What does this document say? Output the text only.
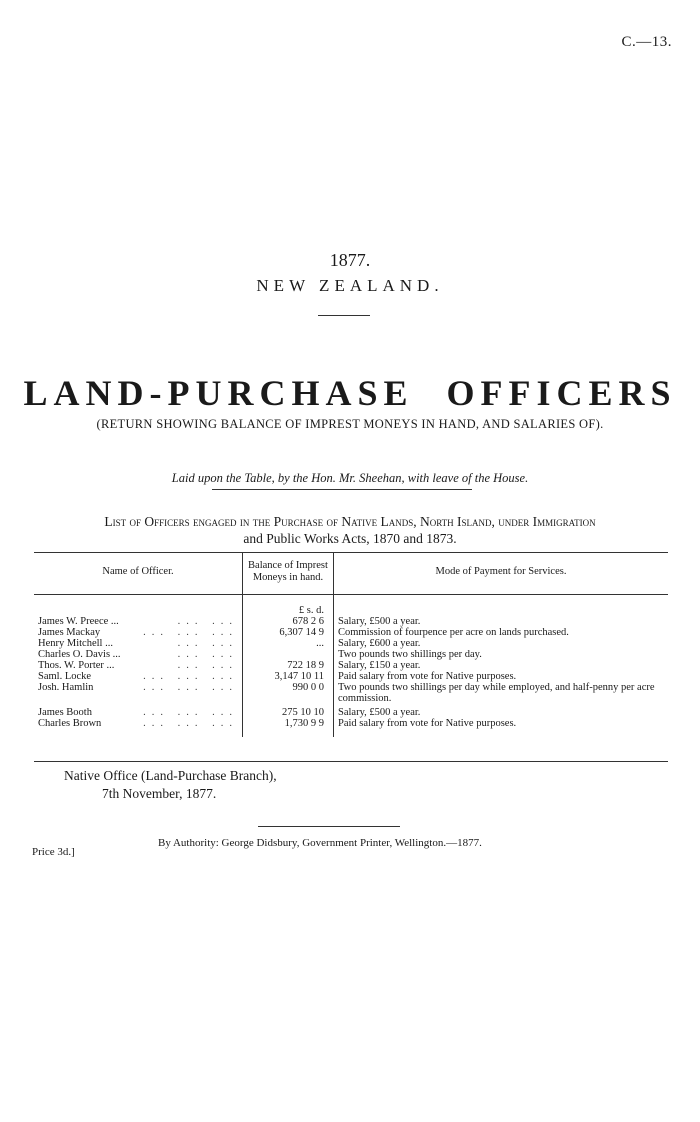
C.—13.
1877.
NEW ZEALAND.
LAND-PURCHASE OFFICERS
(RETURN SHOWING BALANCE OF IMPREST MONEYS IN HAND, AND SALARIES OF).
Laid upon the Table, by the Hon. Mr. Sheehan, with leave of the House.
List of Officers engaged in the Purchase of Native Lands, North Island, under Immigration
and Public Works Acts, 1870 and 1873.
Name of Officer.	Balance of Imprest Moneys in hand.	Mode of Payment for Services.
	£ s. d.	
James W. Preece ... ... ...	678 2 6	Salary, £500 a year.
James Mackay ... ... ...	6,307 14 9	Commission of fourpence per acre on lands purchased.
Henry Mitchell ... ... ...	...	Salary, £600 a year.
Charles O. Davis ... ... ...		Two pounds two shillings per day.
Thos. W. Porter ... ... ...	722 18 9	Salary, £150 a year.
Saml. Locke ... ... ...	3,147 10 11	Paid salary from vote for Native purposes.
Josh. Hamlin ... ... ...	990 0 0	Two pounds two shillings per day while employed, and half-penny per acre commission.
James Booth ... ... ...	275 10 10	Salary, £500 a year.
Charles Brown ... ... ...	1,730 9 9	Paid salary from vote for Native purposes.

Native Office (Land-Purchase Branch),
7th November, 1877.
By Authority: George Didsbury, Government Printer, Wellington.—1877.
Price 3d.]
